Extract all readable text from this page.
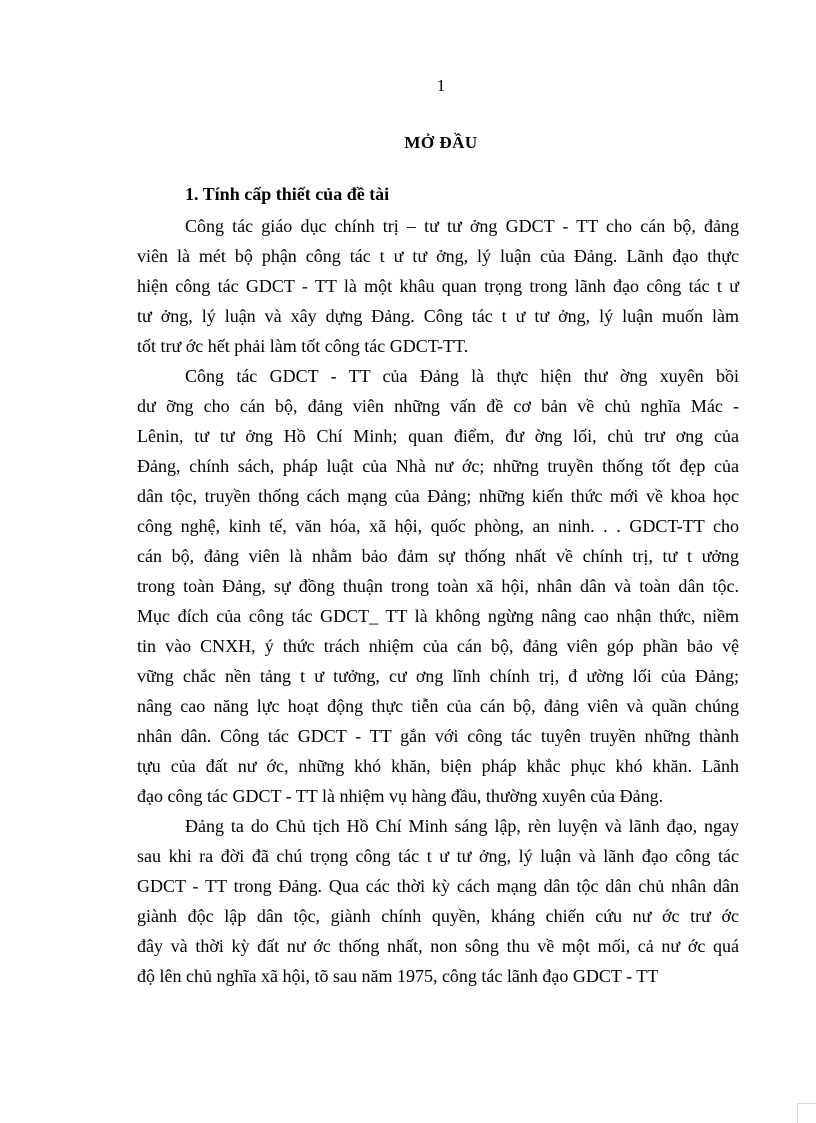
1
MỞ ĐẦU
1. Tính cấp thiết của đề tài
Công tác giáo dục chính trị – tư tư ởng GDCT - TT cho cán bộ, đảng
viên là mét bộ phận công tác t ư tư ởng, lý luận của Đảng. Lãnh đạo thực
hiện công tác GDCT - TT là một khâu quan trọng trong lãnh đạo công tác t ư
tư ởng, lý luận và xây dựng Đảng. Công tác t ư tư ởng, lý luận muốn làm
tốt trư ớc hết phải làm tốt công tác GDCT-TT.
Công tác GDCT - TT của Đảng là thực hiện thư ờng xuyên bồi
dư ỡng cho cán bộ, đảng viên những vấn đề cơ bản về chủ nghĩa Mác -
Lênin, tư tư ởng Hồ Chí Minh; quan điểm, đư ờng lối, chủ trư ơng của
Đảng, chính sách, pháp luật của Nhà nư ớc; những truyền thống tốt đẹp của
dân tộc, truyền thống cách mạng của Đảng; những kiến thức mới về khoa học
công nghệ, kinh tế, văn hóa, xã hội, quốc phòng, an ninh. . . GDCT-TT cho
cán bộ, đảng viên là nhằm bảo đảm sự thống nhất về chính trị, tư t ưởng
trong toàn Đảng, sự đồng thuận trong toàn xã hội, nhân dân và toàn dân tộc.
Mục đích của công tác GDCT_ TT là không ngừng nâng cao nhận thức, niềm
tin vào CNXH, ý thức trách nhiệm của cán bộ, đảng viên góp phần bảo vệ
vững chắc nền tảng t ư tưởng, cư ơng lĩnh chính trị, đ ường lối của Đảng;
nâng cao năng lực hoạt động thực tiễn của cán bộ, đảng viên và quần chúng
nhân dân. Công tác GDCT - TT gắn với công tác tuyên truyền những thành
tựu của đất nư ớc, những khó khăn, biện pháp khắc phục khó khăn. Lãnh
đạo công tác GDCT - TT là nhiệm vụ hàng đầu, thường xuyên của Đảng.
Đảng ta do Chủ tịch Hồ Chí Minh sáng lập, rèn luyện và lãnh đạo, ngay
sau khi ra đời đã chú trọng công tác t ư tư ởng, lý luận và lãnh đạo công tác
GDCT - TT trong Đảng. Qua các thời kỳ cách mạng dân tộc dân chủ nhân dân
giành độc lập dân tộc, giành chính quyền, kháng chiến cứu nư ớc trư ớc
đây và thời kỳ đất nư ớc thống nhất, non sông thu về một mối, cả nư ớc quá
độ lên chủ nghĩa xã hội, tõ sau năm 1975, công tác lãnh đạo GDCT - TT
